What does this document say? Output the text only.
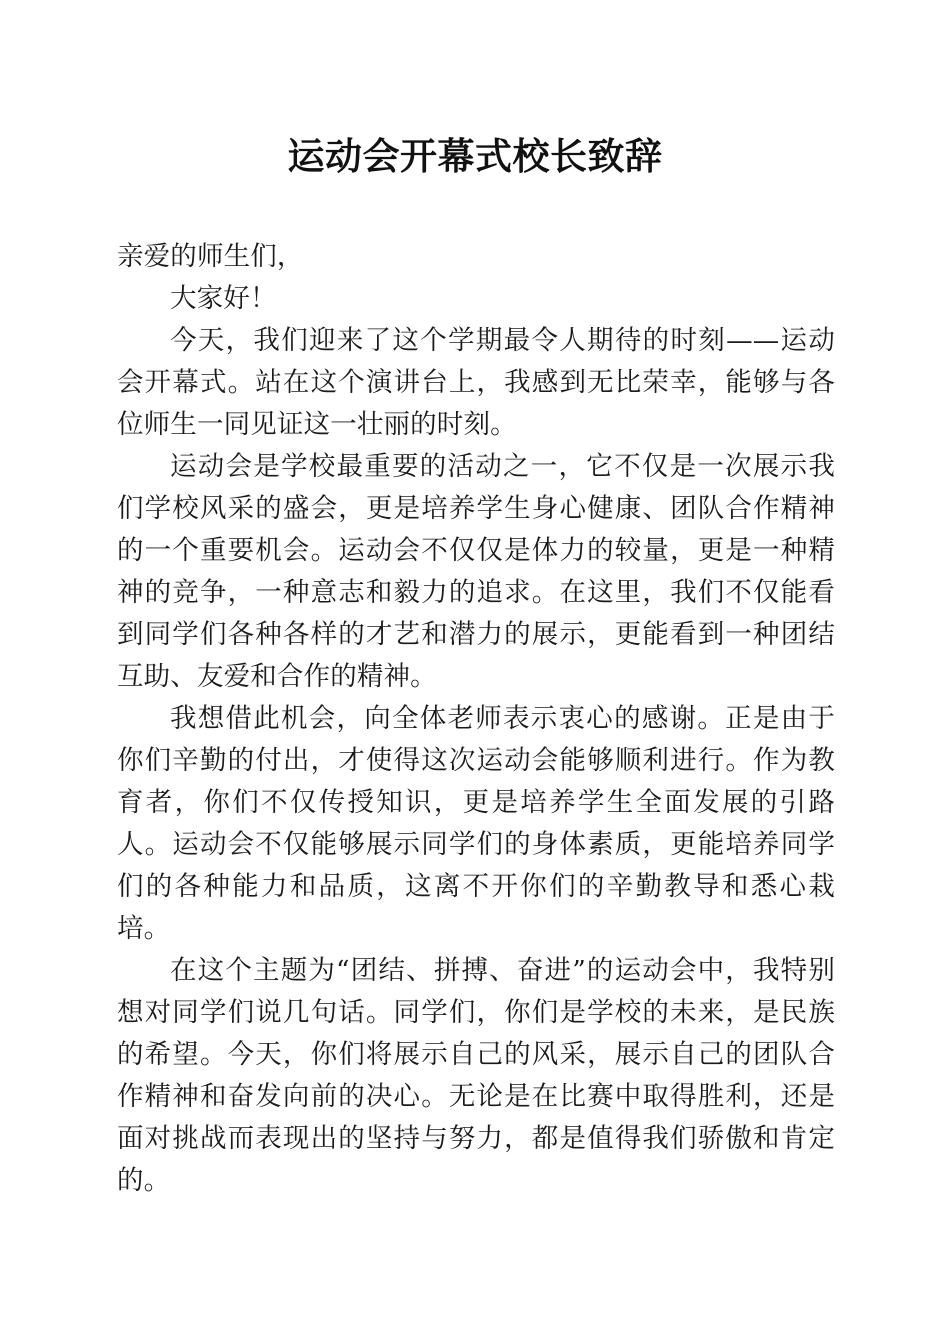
运动会开幕式校长致辞

亲爱的师生们，

大家好！

今天，我们迎来了这个学期最令人期待的时刻——运动会开幕式。站在这个演讲台上，我感到无比荣幸，能够与各位师生一同见证这一壮丽的时刻。

运动会是学校最重要的活动之一，它不仅是一次展示我们学校风采的盛会，更是培养学生身心健康、团队合作精神的一个重要机会。运动会不仅仅是体力的较量，更是一种精神的竞争，一种意志和毅力的追求。在这里，我们不仅能看到同学们各种各样的才艺和潜力的展示，更能看到一种团结互助、友爱和合作的精神。

我想借此机会，向全体老师表示衷心的感谢。正是由于你们辛勤的付出，才使得这次运动会能够顺利进行。作为教育者，你们不仅传授知识，更是培养学生全面发展的引路人。运动会不仅能够展示同学们的身体素质，更能培养同学们的各种能力和品质，这离不开你们的辛勤教导和悉心栽培。

在这个主题为“团结、拼搏、奋进”的运动会中，我特别想对同学们说几句话。同学们，你们是学校的未来，是民族的希望。今天，你们将展示自己的风采，展示自己的团队合作精神和奋发向前的决心。无论是在比赛中取得胜利，还是面对挑战而表现出的坚持与努力，都是值得我们骄傲和肯定的。
